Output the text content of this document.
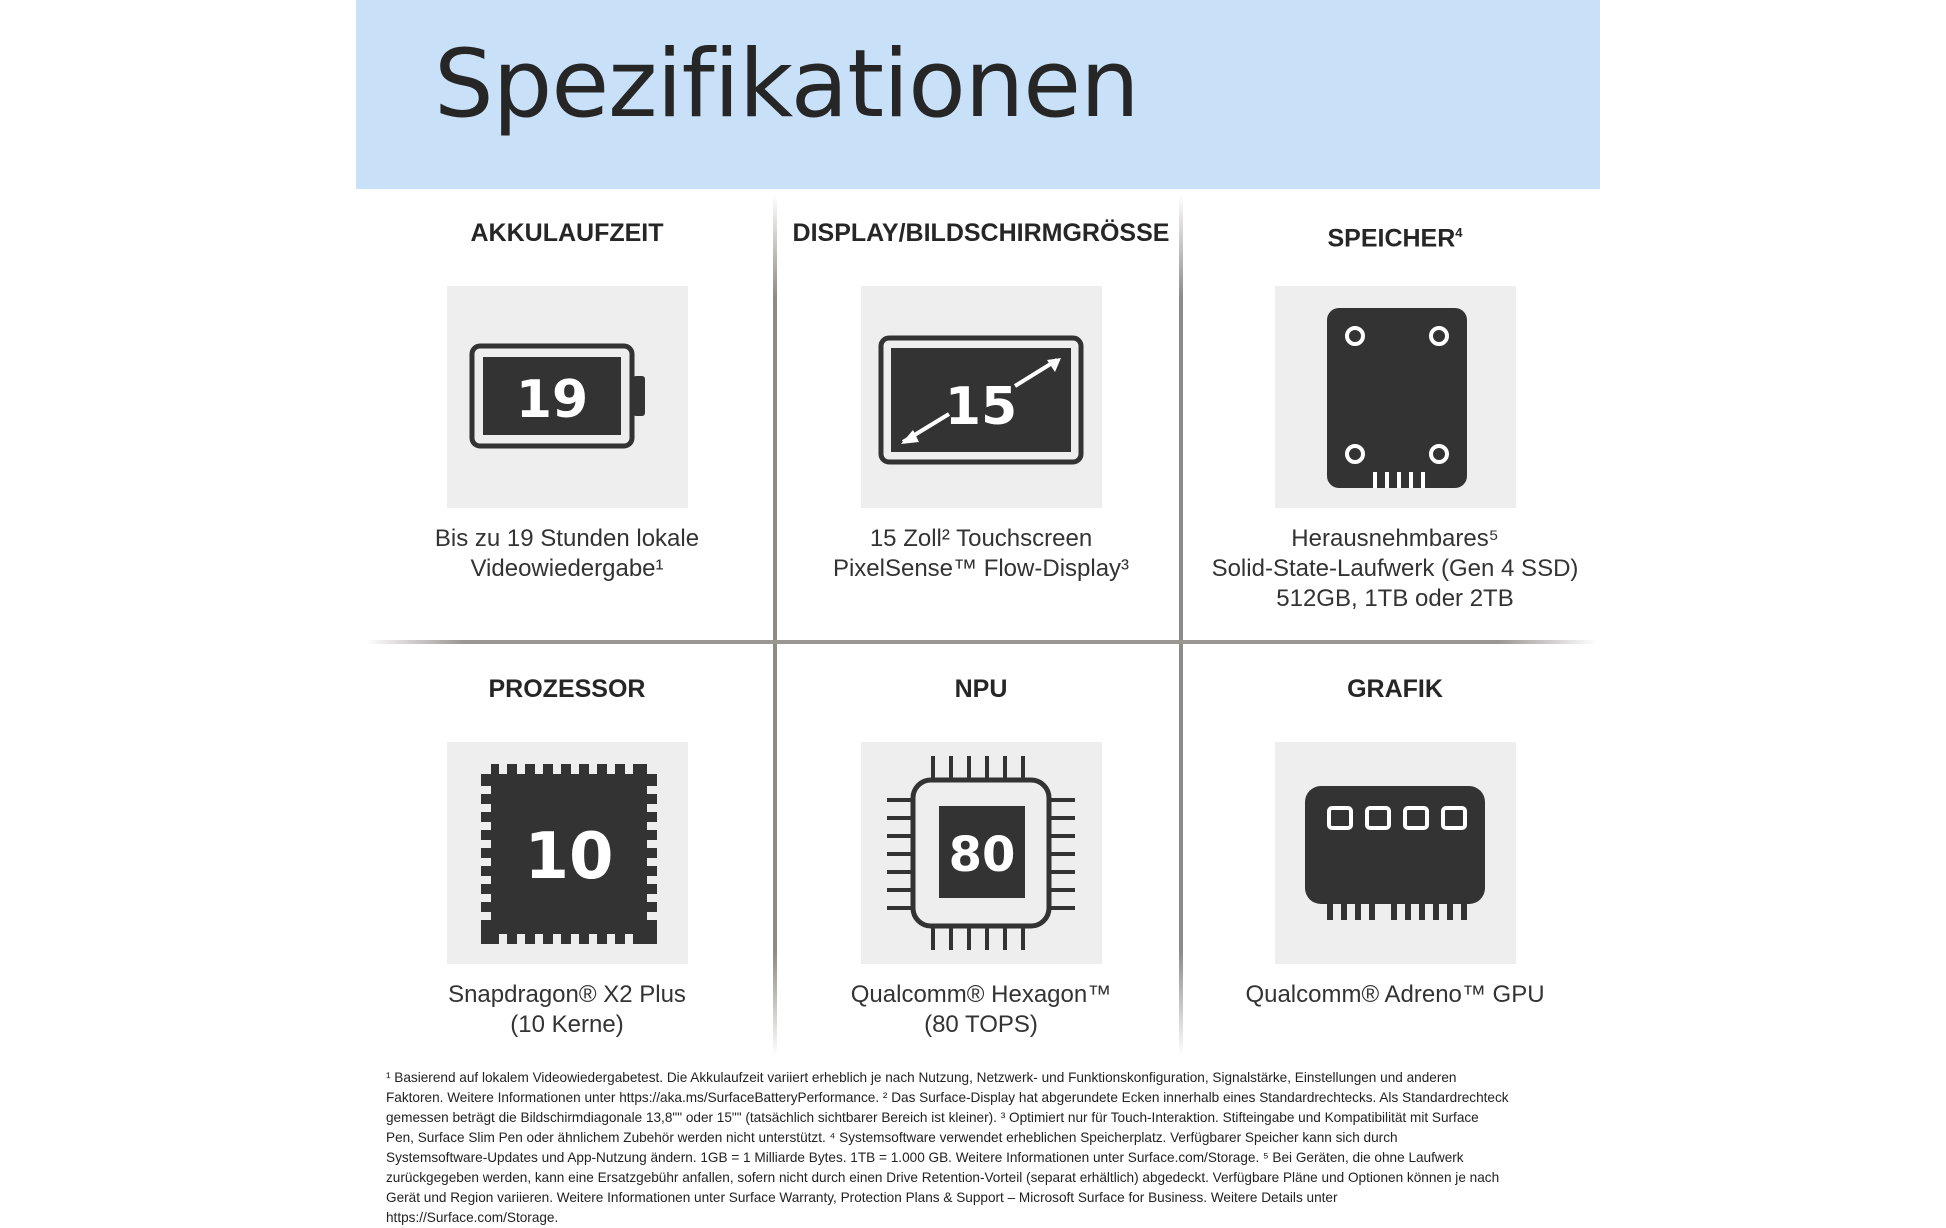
Spezifikationen
AKKULAUFZEIT
19
Bis zu 19 Stunden lokale
Videowiedergabe¹
DISPLAY/BILDSCHIRMGRÖSSE
15
15 Zoll² Touchscreen
PixelSense™ Flow-Display³
SPEICHER$^4$
Herausnehmbares⁵
Solid-State-Laufwerk (Gen 4 SSD)
512GB, 1TB oder 2TB
PROZESSOR
10
Snapdragon® X2 Plus
(10 Kerne)
NPU
80
Qualcomm® Hexagon™
(80 TOPS)
GRAFIK
Qualcomm® Adreno™ GPU
¹ Basierend auf lokalem Videowiedergabetest. Die Akkulaufzeit variiert erheblich je nach Nutzung, Netzwerk- und Funktionskonfiguration, Signalstärke, Einstellungen und anderen
Faktoren. Weitere Informationen unter https://aka.ms/SurfaceBatteryPerformance. ² Das Surface-Display hat abgerundete Ecken innerhalb eines Standardrechtecks. Als Standardrechteck
gemessen beträgt die Bildschirmdiagonale 13,8"" oder 15"" (tatsächlich sichtbarer Bereich ist kleiner). ³ Optimiert nur für Touch-Interaktion. Stifteingabe und Kompatibilität mit Surface
Pen, Surface Slim Pen oder ähnlichem Zubehör werden nicht unterstützt. ⁴ Systemsoftware verwendet erheblichen Speicherplatz. Verfügbarer Speicher kann sich durch
Systemsoftware-Updates und App-Nutzung ändern. 1GB = 1 Milliarde Bytes. 1TB = 1.000 GB. Weitere Informationen unter Surface.com/Storage. ⁵ Bei Geräten, die ohne Laufwerk
zurückgegeben werden, kann eine Ersatzgebühr anfallen, sofern nicht durch einen Drive Retention-Vorteil (separat erhältlich) abgedeckt. Verfügbare Pläne und Optionen können je nach
Gerät und Region variieren. Weitere Informationen unter Surface Warranty, Protection Plans & Support – Microsoft Surface for Business. Weitere Details unter
https://Surface.com/Storage.
